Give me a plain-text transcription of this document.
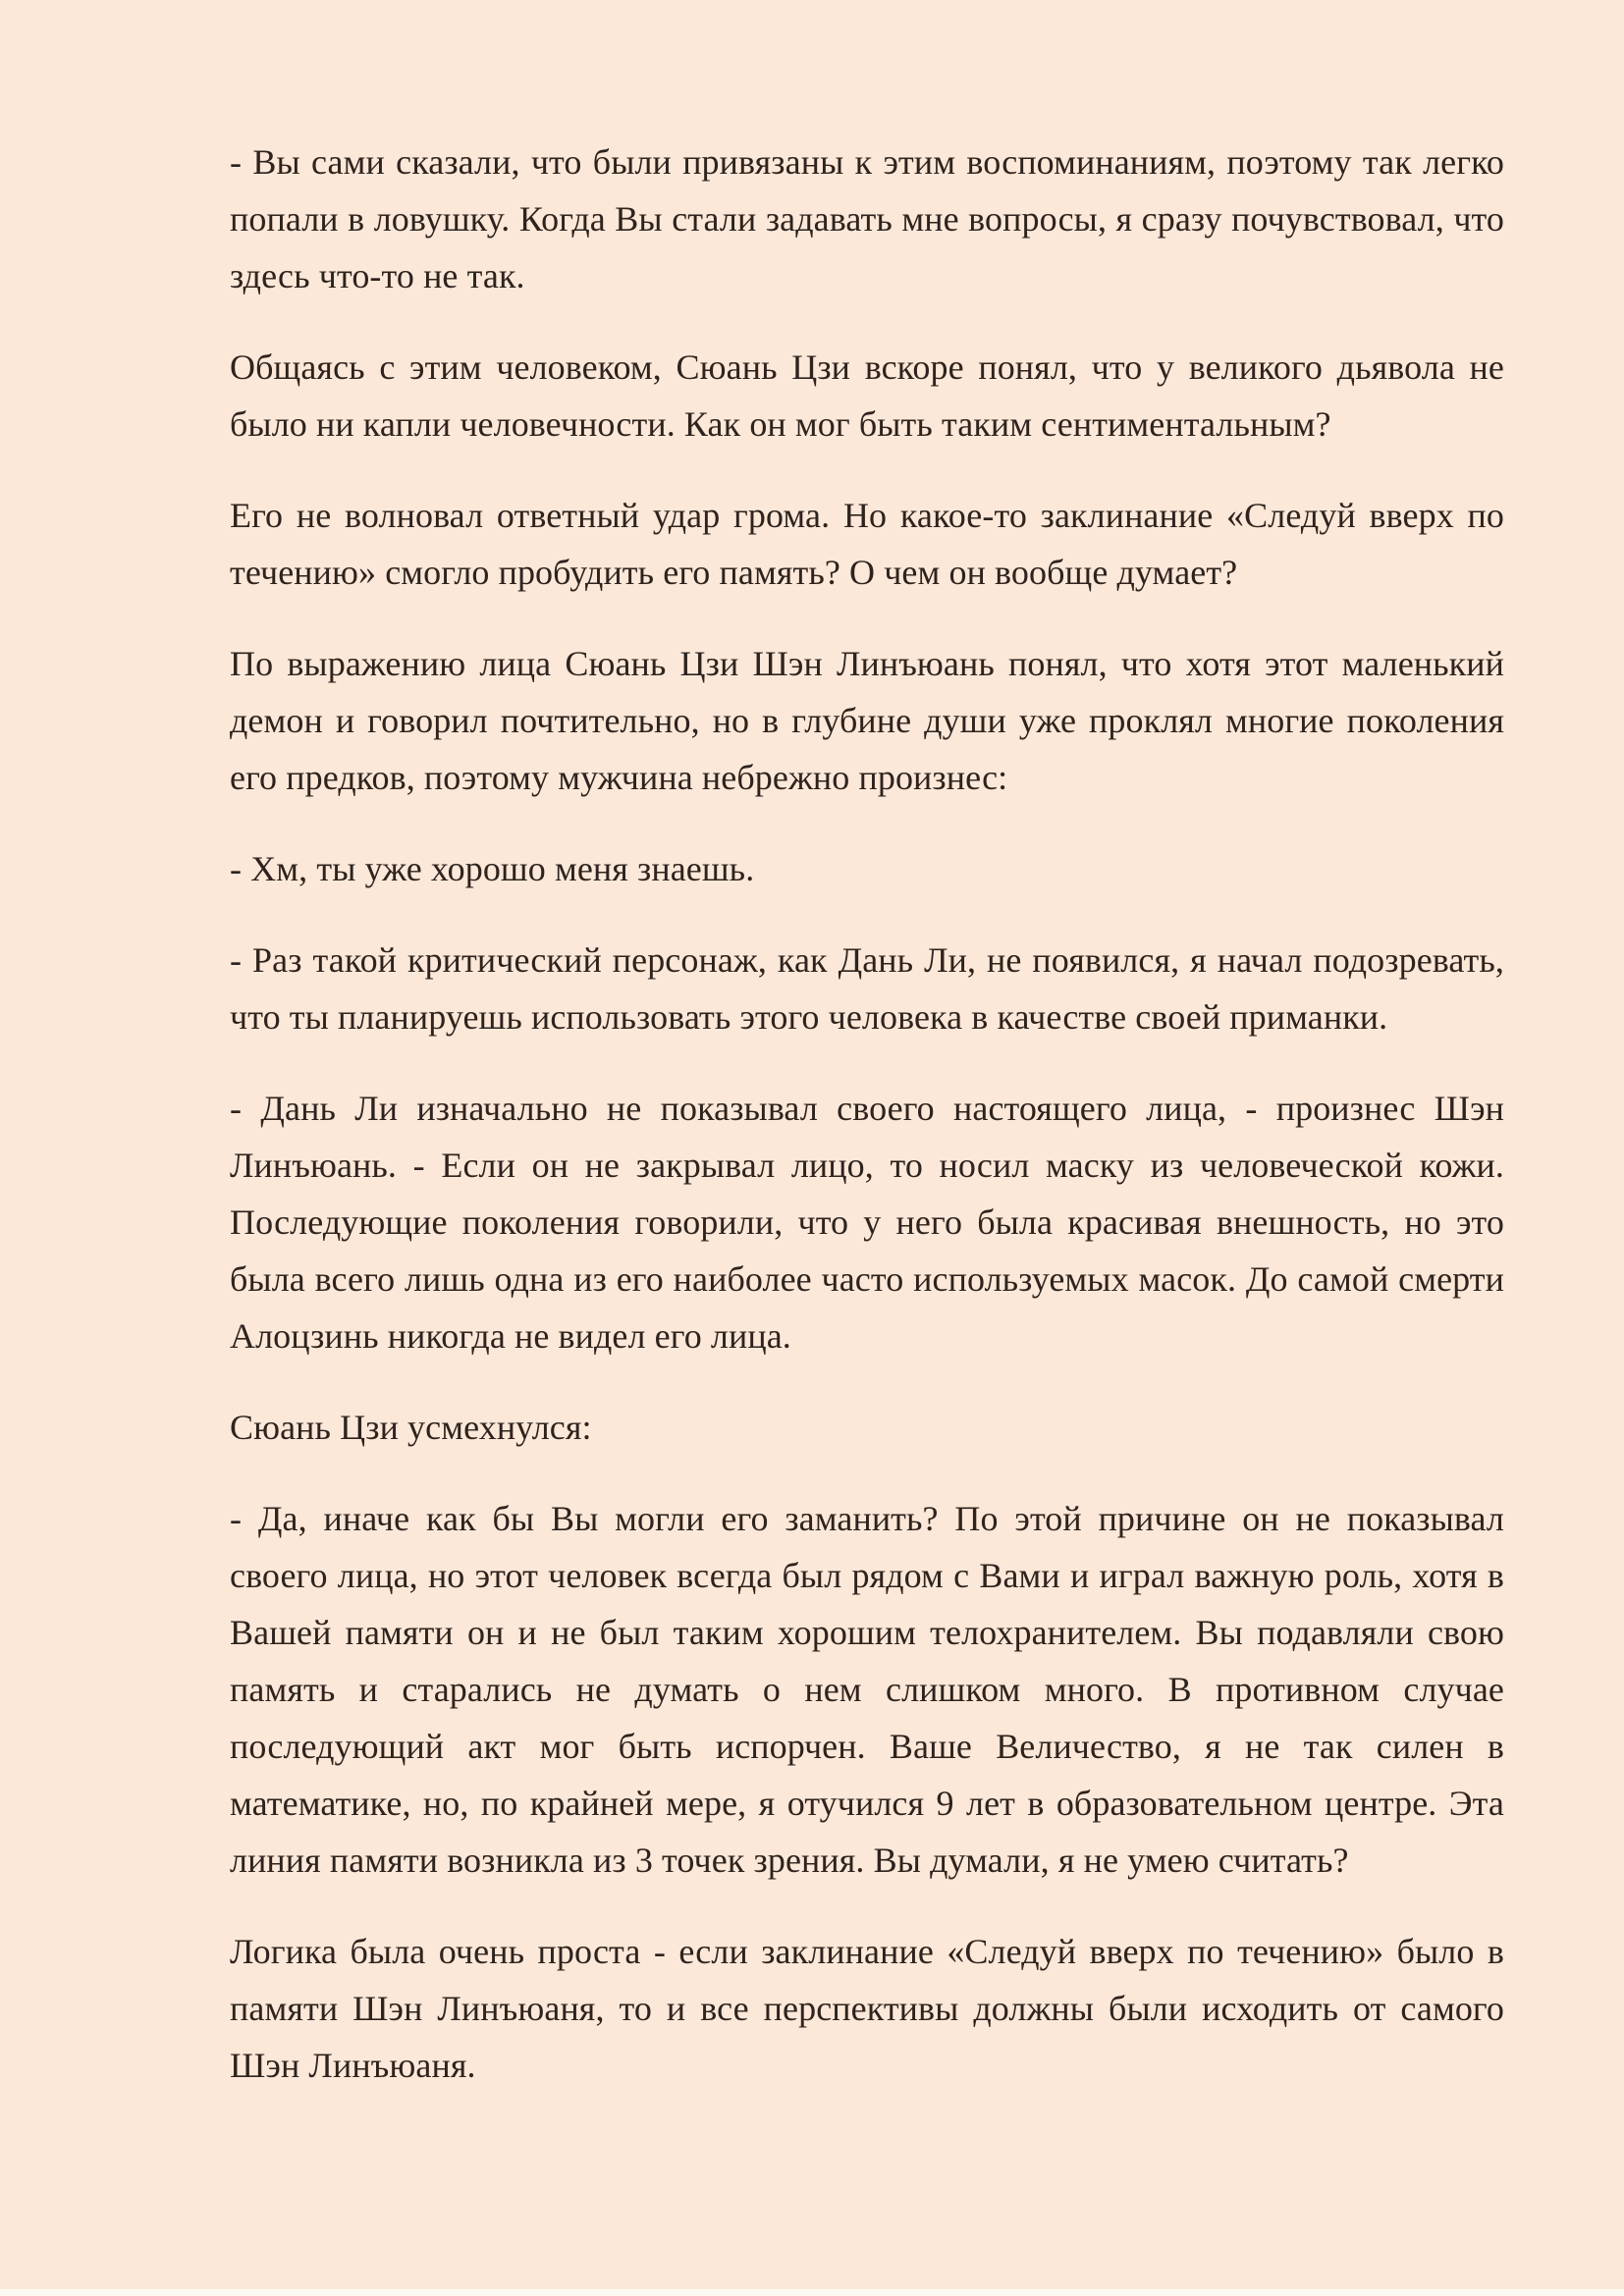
- Вы сами сказали, что были привязаны к этим воспоминаниям, поэтому так легко попали в ловушку. Когда Вы стали задавать мне вопросы, я сразу почувствовал, что здесь что-то не так.

Общаясь с этим человеком, Сюань Цзи вскоре понял, что у великого дьявола не было ни капли человечности. Как он мог быть таким сентиментальным?

Его не волновал ответный удар грома. Но какое-то заклинание «Следуй вверх по течению» смогло пробудить его память? О чем он вообще думает?

По выражению лица Сюань Цзи Шэн Линъюань понял, что хотя этот маленький демон и говорил почтительно, но в глубине души уже проклял многие поколения его предков, поэтому мужчина небрежно произнес:

- Хм, ты уже хорошо меня знаешь.

- Раз такой критический персонаж, как Дань Ли, не появился, я начал подозревать, что ты планируешь использовать этого человека в качестве своей приманки.

- Дань Ли изначально не показывал своего настоящего лица, - произнес Шэн Линъюань. - Если он не закрывал лицо, то носил маску из человеческой кожи. Последующие поколения говорили, что у него была красивая внешность, но это была всего лишь одна из его наиболее часто используемых масок. До самой смерти Алоцзинь никогда не видел его лица.

Сюань Цзи усмехнулся:

- Да, иначе как бы Вы могли его заманить? По этой причине он не показывал своего лица, но этот человек всегда был рядом с Вами и играл важную роль, хотя в Вашей памяти он и не был таким хорошим телохранителем. Вы подавляли свою память и старались не думать о нем слишком много. В противном случае последующий акт мог быть испорчен. Ваше Величество, я не так силен в математике, но, по крайней мере, я отучился 9 лет в образовательном центре. Эта линия памяти возникла из 3 точек зрения. Вы думали, я не умею считать?

Логика была очень проста - если заклинание «Следуй вверх по течению» было в памяти Шэн Линъюаня, то и все перспективы должны были исходить от самого Шэн Линъюаня.
